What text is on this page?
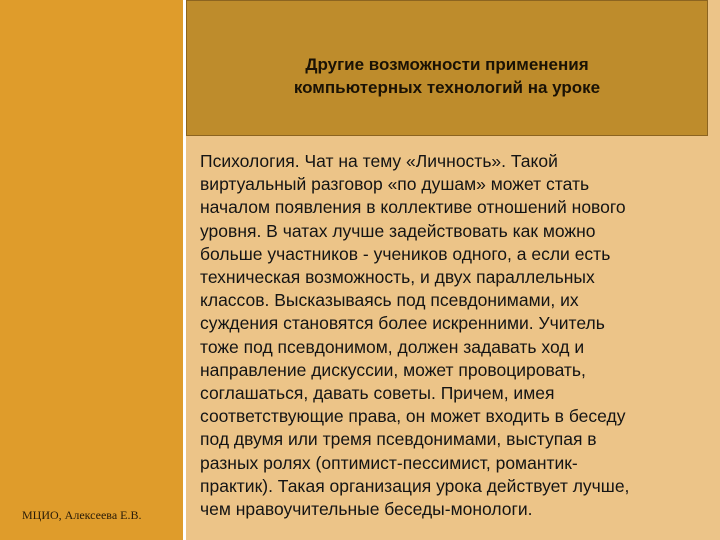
Другие возможности применения
компьютерных технологий на уроке
Психология. Чат на тему «Личность». Такой
виртуальный разговор «по душам» может стать
началом появления в коллективе отношений нового
уровня. В чатах лучше задействовать как можно
больше участников - учеников одного, а если есть
техническая возможность, и двух параллельных
классов. Высказываясь под псевдонимами, их
суждения становятся более искренними. Учитель
тоже под псевдонимом, должен задавать ход и
направление дискуссии, может провоцировать,
соглашаться, давать советы. Причем, имея
соответствующие права, он может входить в беседу
под двумя или тремя псевдонимами, выступая в
разных ролях (оптимист-пессимист, романтик-
практик). Такая организация урока действует лучше,
чем нравоучительные беседы-монологи.
МЦИО, Алексеева Е.В.
